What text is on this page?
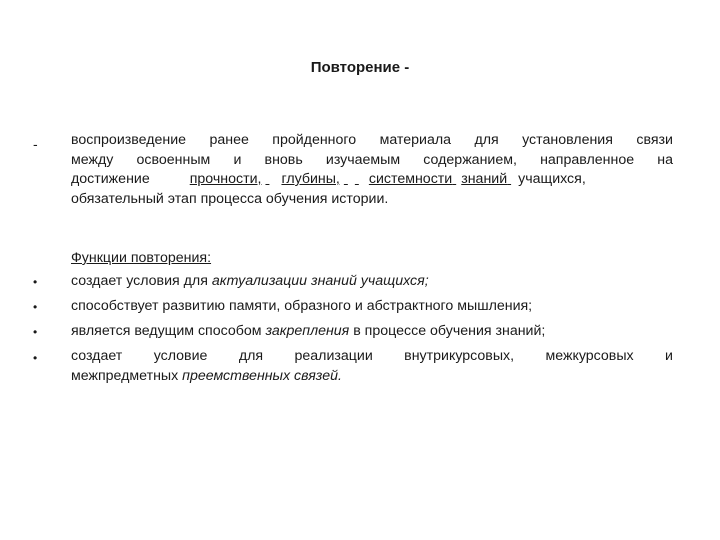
Повторение -
- воспроизведение ранее пройденного материала для установления связи
между освоенным и вновь изучаемым содержанием, направленное на
достижение	прочности, глубины, системности знаний учащихся,
обязательный этап процесса обучения истории.
Функции повторения:
•
•
•
•
создает условия для актуализации знаний учащихся;
способствует развитию памяти, образного и абстрактного мышления;
является ведущим способом закрепления в процессе обучения знаний;
создает условие для реализации внутрикурсовых, межкурсовых и
межпредметных преемственных связей.
